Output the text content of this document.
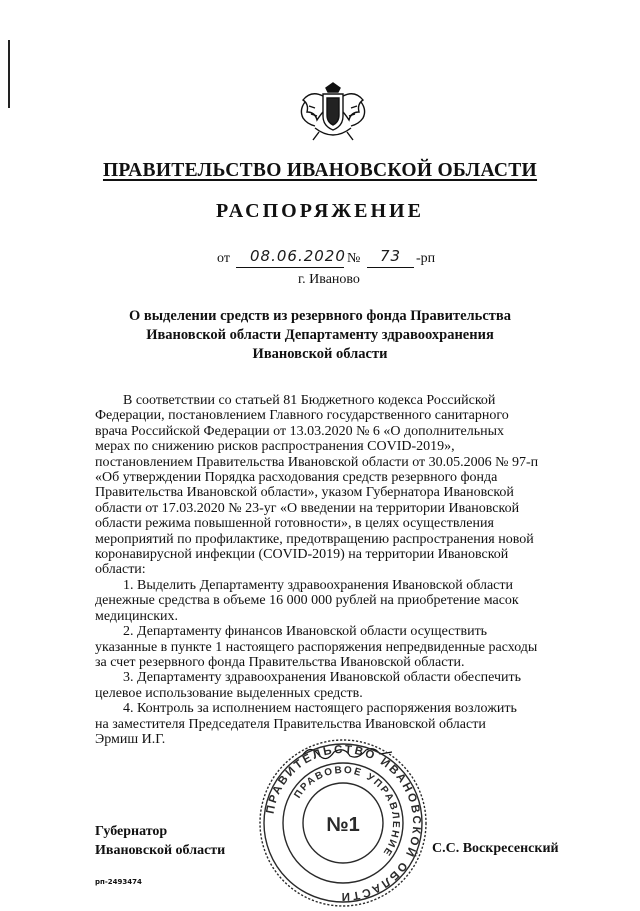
ПРАВИТЕЛЬСТВО ИВАНОВСКОЙ ОБЛАСТИ
РАСПОРЯЖЕНИЕ
от 08.06.2020 № 73 -рп
г. Иваново
О выделении средств из резервного фонда Правительства
Ивановской области Департаменту здравоохранения
Ивановской области
В соответствии со статьей 81 Бюджетного кодекса Российской
Федерации, постановлением Главного государственного санитарного
врача Российской Федерации от 13.03.2020 № 6 «О дополнительных
мерах по снижению рисков распространения COVID-2019»,
постановлением Правительства Ивановской области от 30.05.2006 № 97-п
«Об утверждении Порядка расходования средств резервного фонда
Правительства Ивановской области», указом Губернатора Ивановской
области от 17.03.2020 № 23-уг «О введении на территории Ивановской
области режима повышенной готовности», в целях осуществления
мероприятий по профилактике, предотвращению распространения новой
коронавирусной инфекции (COVID-2019) на территории Ивановской
области:
1. Выделить Департаменту здравоохранения Ивановской области
денежные средства в объеме 16 000 000 рублей на приобретение масок
медицинских.
2. Департаменту финансов Ивановской области осуществить
указанные в пункте 1 настоящего распоряжения непредвиденные расходы
за счет резервного фонда Правительства Ивановской области.
3. Департаменту здравоохранения Ивановской области обеспечить
целевое использование выделенных средств.
4. Контроль за исполнением настоящего распоряжения возложить
на заместителя Председателя Правительства Ивановской области
Эрмиш И.Г.
Губернатор
Ивановской области	С.С. Воскресенский
ПРАВИТЕЛЬСТВО ИВАНОВСКОЙ ОБЛАСТИ
ПРАВОВОЕ УПРАВЛЕНИЕ
№1
рп-2493474
